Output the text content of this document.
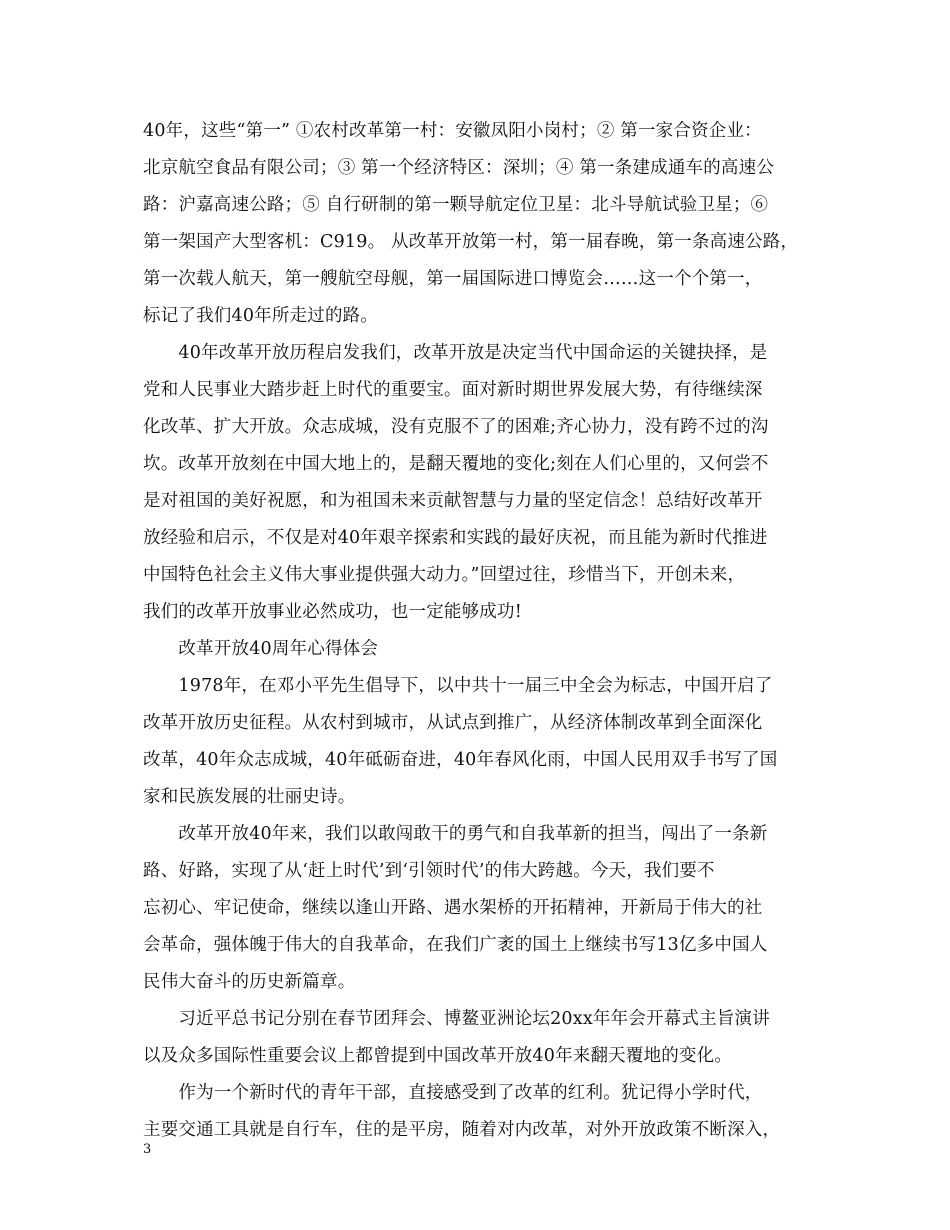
40年，这些“第一” ①农村改革第一村：安徽凤阳小岗村；② 第一家合资企业：
北京航空食品有限公司；③ 第一个经济特区：深圳；④ 第一条建成通车的高速公
路：沪嘉高速公路；⑤ 自行研制的第一颗导航定位卫星：北斗导航试验卫星；⑥
第一架国产大型客机：C919。 从改革开放第一村，第一届春晚，第一条高速公路，
第一次载人航天，第一艘航空母舰，第一届国际进口博览会……这一个个第一，
标记了我们40年所走过的路。
　　40年改革开放历程启发我们，改革开放是决定当代中国命运的关键抉择，是
党和人民事业大踏步赶上时代的重要宝。面对新时期世界发展大势，有待继续深
化改革、扩大开放。众志成城，没有克服不了的困难;齐心协力，没有跨不过的沟
坎。改革开放刻在中国大地上的，是翻天覆地的变化;刻在人们心里的，又何尝不
是对祖国的美好祝愿，和为祖国未来贡献智慧与力量的坚定信念！总结好改革开
放经验和启示，不仅是对40年艰辛探索和实践的最好庆祝，而且能为新时代推进
中国特色社会主义伟大事业提供强大动力。”回望过往，珍惜当下，开创未来，
我们的改革开放事业必然成功，也一定能够成功!
　　改革开放40周年心得体会
　　1978年，在邓小平先生倡导下，以中共十一届三中全会为标志，中国开启了
改革开放历史征程。从农村到城市，从试点到推广，从经济体制改革到全面深化
改革，40年众志成城，40年砥砺奋进，40年春风化雨，中国人民用双手书写了国
家和民族发展的壮丽史诗。
　　改革开放40年来，我们以敢闯敢干的勇气和自我革新的担当，闯出了一条新
路、好路，实现了从‘赶上时代’到‘引领时代’的伟大跨越。今天，我们要不
忘初心、牢记使命，继续以逢山开路、遇水架桥的开拓精神，开新局于伟大的社
会革命，强体魄于伟大的自我革命，在我们广袤的国土上继续书写13亿多中国人
民伟大奋斗的历史新篇章。
　　习近平总书记分别在春节团拜会、博鳌亚洲论坛20xx年年会开幕式主旨演讲
以及众多国际性重要会议上都曾提到中国改革开放40年来翻天覆地的变化。
　　作为一个新时代的青年干部，直接感受到了改革的红利。犹记得小学时代，
主要交通工具就是自行车，住的是平房，随着对内改革，对外开放政策不断深入，
3
